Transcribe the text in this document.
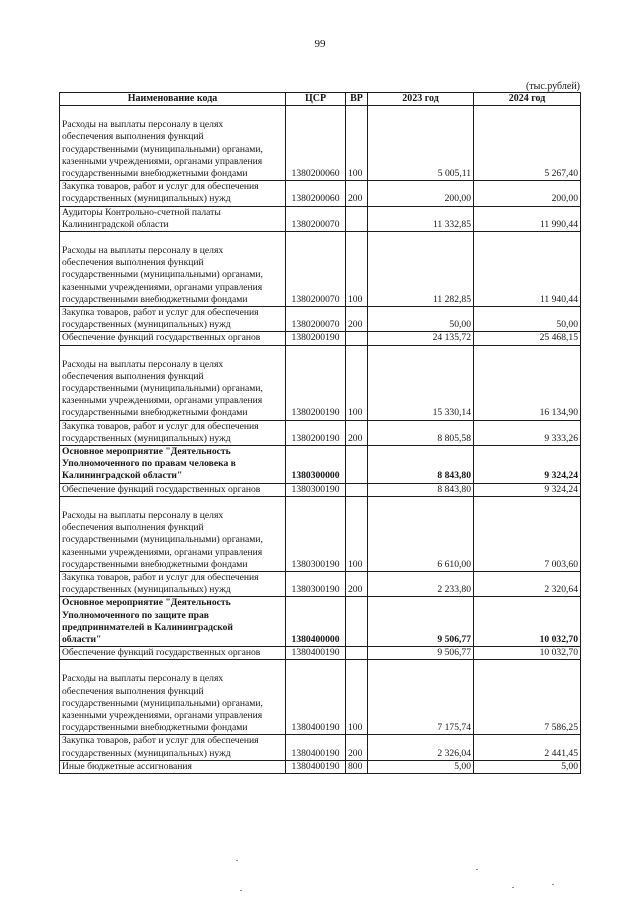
99
(тыс.рублей)
Наименование кода	ЦСР	ВР	2023 год	2024 год

Расходы на выплаты персоналу в целях
обеспечения выполнения функций
государственными (муниципальными) органами,
казенными учреждениями, органами управления
государственными внебюджетными фондами	1380200060	100	5 005,11	5 267,40

Закупка товаров, работ и услуг для обеспечения
государственных (муниципальных) нужд	1380200060	200	200,00	200,00

Аудиторы Контрольно-счетной палаты
Калининградской области	1380200070		11 332,85	11 990,44

Расходы на выплаты персоналу в целях
обеспечения выполнения функций
государственными (муниципальными) органами,
казенными учреждениями, органами управления
государственными внебюджетными фондами	1380200070	100	11 282,85	11 940,44

Закупка товаров, работ и услуг для обеспечения
государственных (муниципальных) нужд	1380200070	200	50,00	50,00

Обеспечение функций государственных органов	1380200190		24 135,72	25 468,15

Расходы на выплаты персоналу в целях
обеспечения выполнения функций
государственными (муниципальными) органами,
казенными учреждениями, органами управления
государственными внебюджетными фондами	1380200190	100	15 330,14	16 134,90

Закупка товаров, работ и услуг для обеспечения
государственных (муниципальных) нужд	1380200190	200	8 805,58	9 333,26

Основное мероприятие "Деятельность
Уполномоченного по правам человека в
Калининградской области"	1380300000		8 843,80	9 324,24

Обеспечение функций государственных органов	1380300190		8 843,80	9 324,24

Расходы на выплаты персоналу в целях
обеспечения выполнения функций
государственными (муниципальными) органами,
казенными учреждениями, органами управления
государственными внебюджетными фондами	1380300190	100	6 610,00	7 003,60

Закупка товаров, работ и услуг для обеспечения
государственных (муниципальных) нужд	1380300190	200	2 233,80	2 320,64

Основное мероприятие "Деятельность
Уполномоченного по защите прав
предпринимателей в Калининградской
области"	1380400000		9 506,77	10 032,70

Обеспечение функций государственных органов	1380400190		9 506,77	10 032,70

Расходы на выплаты персоналу в целях
обеспечения выполнения функций
государственными (муниципальными) органами,
казенными учреждениями, органами управления
государственными внебюджетными фондами	1380400190	100	7 175,74	7 586,25

Закупка товаров, работ и услуг для обеспечения
государственных (муниципальных) нужд	1380400190	200	2 326,04	2 441,45

Иные бюджетные ассигнования	1380400190	800	5,00	5,00
